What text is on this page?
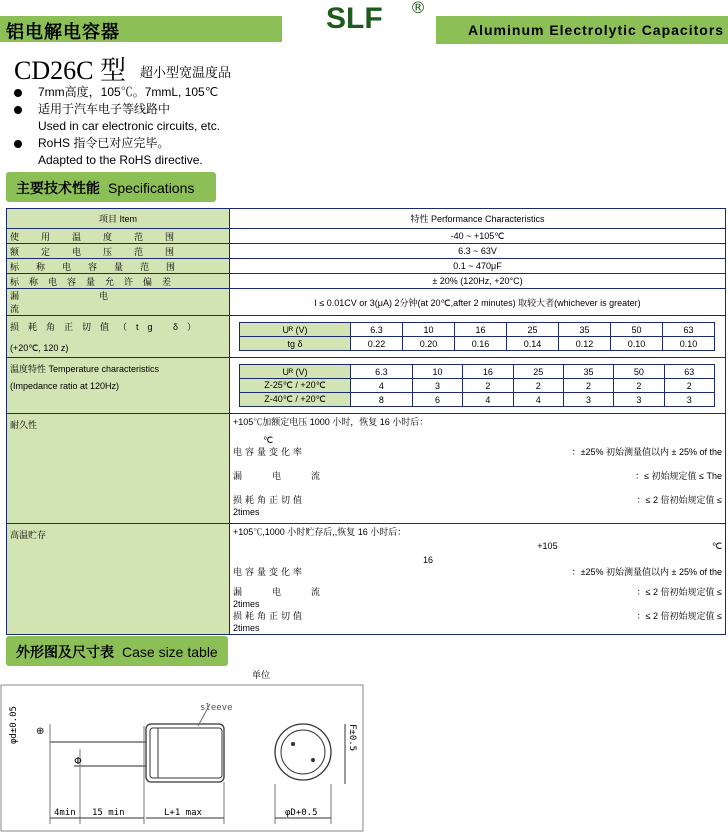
铝电解电容器	SLF ®
Aluminum Electrolytic Capacitors
CD26C 型 超小型宽温度品
7mm高度，105℃。7mmL, 105℃
适用于汽车电子等线路中
Used in car electronic circuits, etc.
RoHS 指令已对应完毕。
Adapted to the RoHS directive.
主要技术性能 Specifications
项目 Item	特性 Performance Characteristics
使用温度范围	-40 ~ +105℃
额定电压范围	6.3 ~ 63V
标称电容量范围	0.1 ~ 470μF
标称电容量允许偏差	± 20% (120Hz, +20°C)
漏电流	I ≤ 0.01CV or 3(μA) 2分钟(at 20℃,after 2 minutes) 取较大者(whichever is greater)

损耗角正切值（tg δ）
(+20℃, 120 z)

Uᴿ (V)	6.3	10	16	25	35	50	63
tg δ	0.22	0.20	0.16	0.14	0.12	0.10	0.10

温度特性 Temperature characteristics
(Impedance ratio at 120Hz)

Uᴿ (V)	6.3	10	16	25	35	50	63
Z-25℃ / +20℃	4	3	2	2	2	2	2
Z-40℃ / +20℃	8	6	4	4	3	3	3

耐久性	+105℃加额定电压 1000 小时，恢复 16 小时后：
℃
电容量变化率	：±25% 初始测量值以内 ± 25% of the
漏电流	：≤ 初始规定值 ≤ The
损耗角正切值	：≤ 2 倍初始规定值 ≤
2times

高温贮存	+105℃,1000 小时贮存后,,恢复 16 小时后：
+105	℃
16
电容量变化率	：±25% 初始测量值以内 ± 25% of the
漏电流	：≤ 2 倍初始规定值 ≤
2times
损耗角正切值	：≤ 2 倍初始规定值 ≤
2times
外形图及尺寸表 Case size table
单位
sleeve
4min 15 min	L+1 max
φd±0.05 ⊕
Φ
φD+0.5
F±0.5
